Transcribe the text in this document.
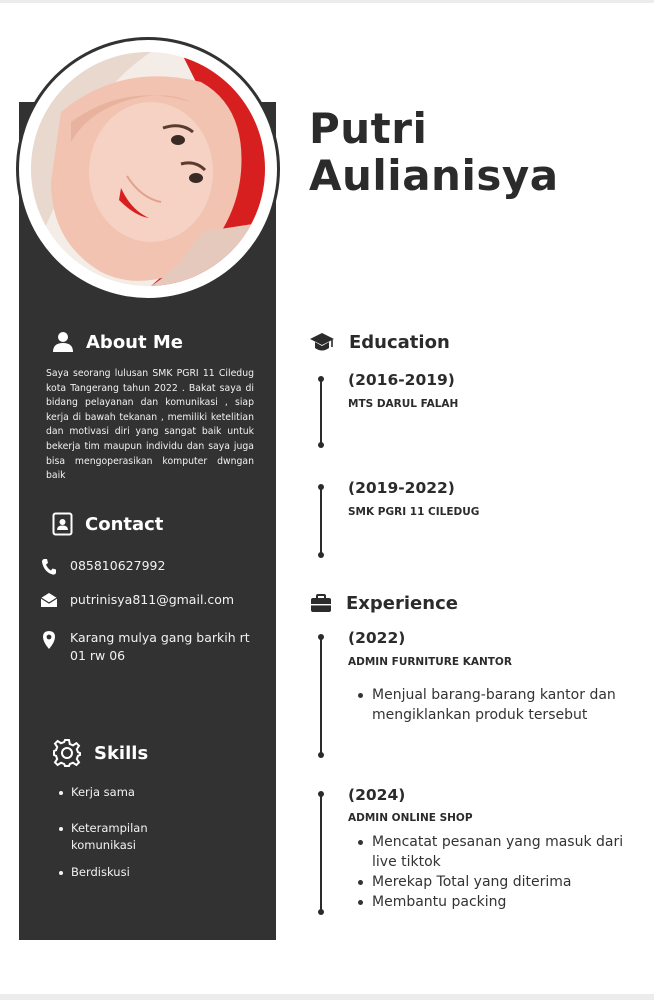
Putri
Aulianisya
About Me
Saya seorang lulusan SMK PGRI 11 Ciledug kota Tangerang tahun 2022 . Bakat saya di bidang pelayanan dan komunikasi , siap kerja di bawah tekanan , memiliki ketelitian dan motivasi diri yang sangat baik untuk bekerja tim maupun individu dan saya juga bisa mengoperasikan komputer dwngan baik
Contact
085810627992
putrinisya811@gmail.com
Karang mulya gang barkih rt 01 rw 06
Skills
Kerja sama
Keterampilan komunikasi
Berdiskusi
Education
(2016-2019)
MTS DARUL FALAH
(2019-2022)
SMK PGRI 11 CILEDUG
Experience
(2022)
ADMIN FURNITURE KANTOR
Menjual barang-barang kantor dan mengiklankan produk tersebut
(2024)
ADMIN ONLINE SHOP
Mencatat pesanan yang masuk dari live tiktok
Merekap Total yang diterima
Membantu packing
